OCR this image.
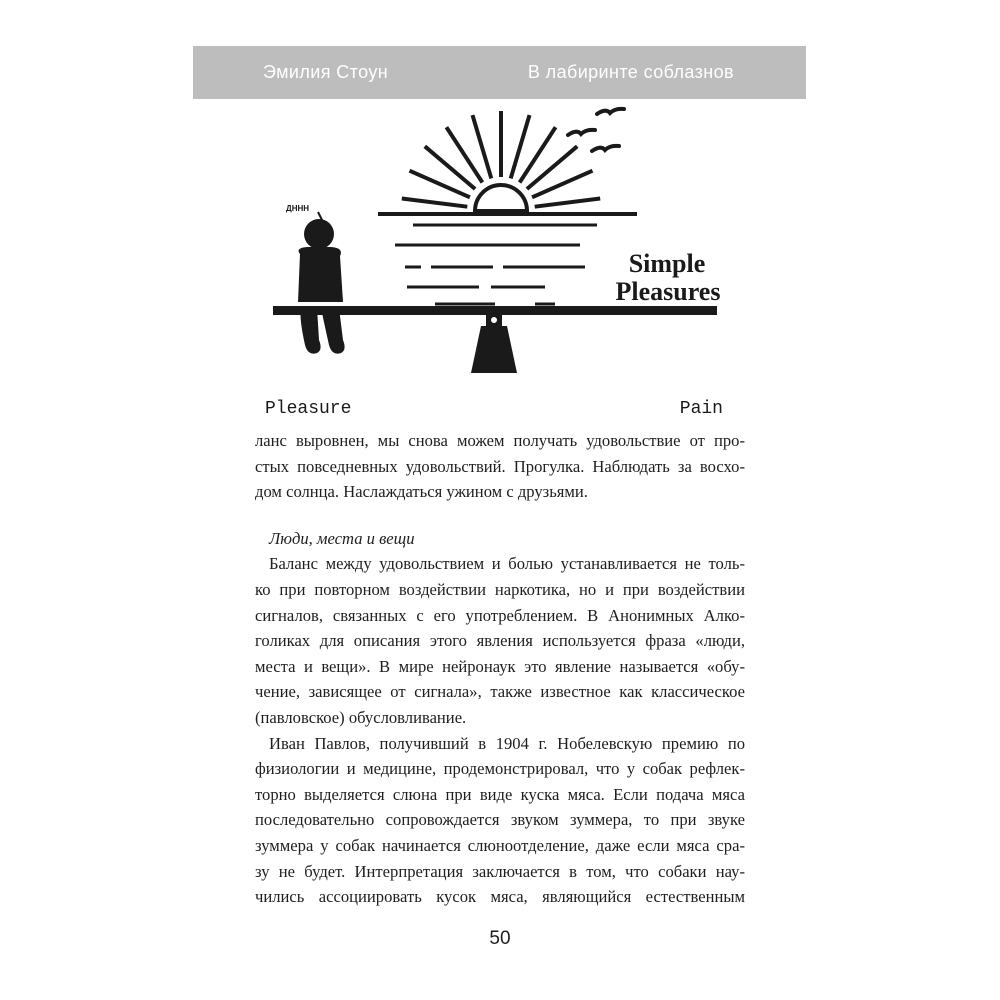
Эмилия Стоун	В лабиринте соблазнов
ДННН
Simple
Pleasures
Pleasure	Pain
ланс выровнен, мы снова можем получать удовольствие от про-
стых повседневных удовольствий. Прогулка. Наблюдать за восхо-
дом солнца. Наслаждаться ужином с друзьями.
Люди, места и вещи
Баланс между удовольствием и болью устанавливается не толь-
ко при повторном воздействии наркотика, но и при воздействии
сигналов, связанных с его употреблением. В Анонимных Алко-
голиках для описания этого явления используется фраза «люди,
места и вещи». В мире нейронаук это явление называется «обу-
чение, зависящее от сигнала», также известное как классическое
(павловское) обусловливание.
Иван Павлов, получивший в 1904 г. Нобелевскую премию по
физиологии и медицине, продемонстрировал, что у собак рефлек-
торно выделяется слюна при виде куска мяса. Если подача мяса
последовательно сопровождается звуком зуммера, то при звуке
зуммера у собак начинается слюноотделение, даже если мяса сра-
зу не будет. Интерпретация заключается в том, что собаки нау-
чились ассоциировать кусок мяса, являющийся естественным
50
